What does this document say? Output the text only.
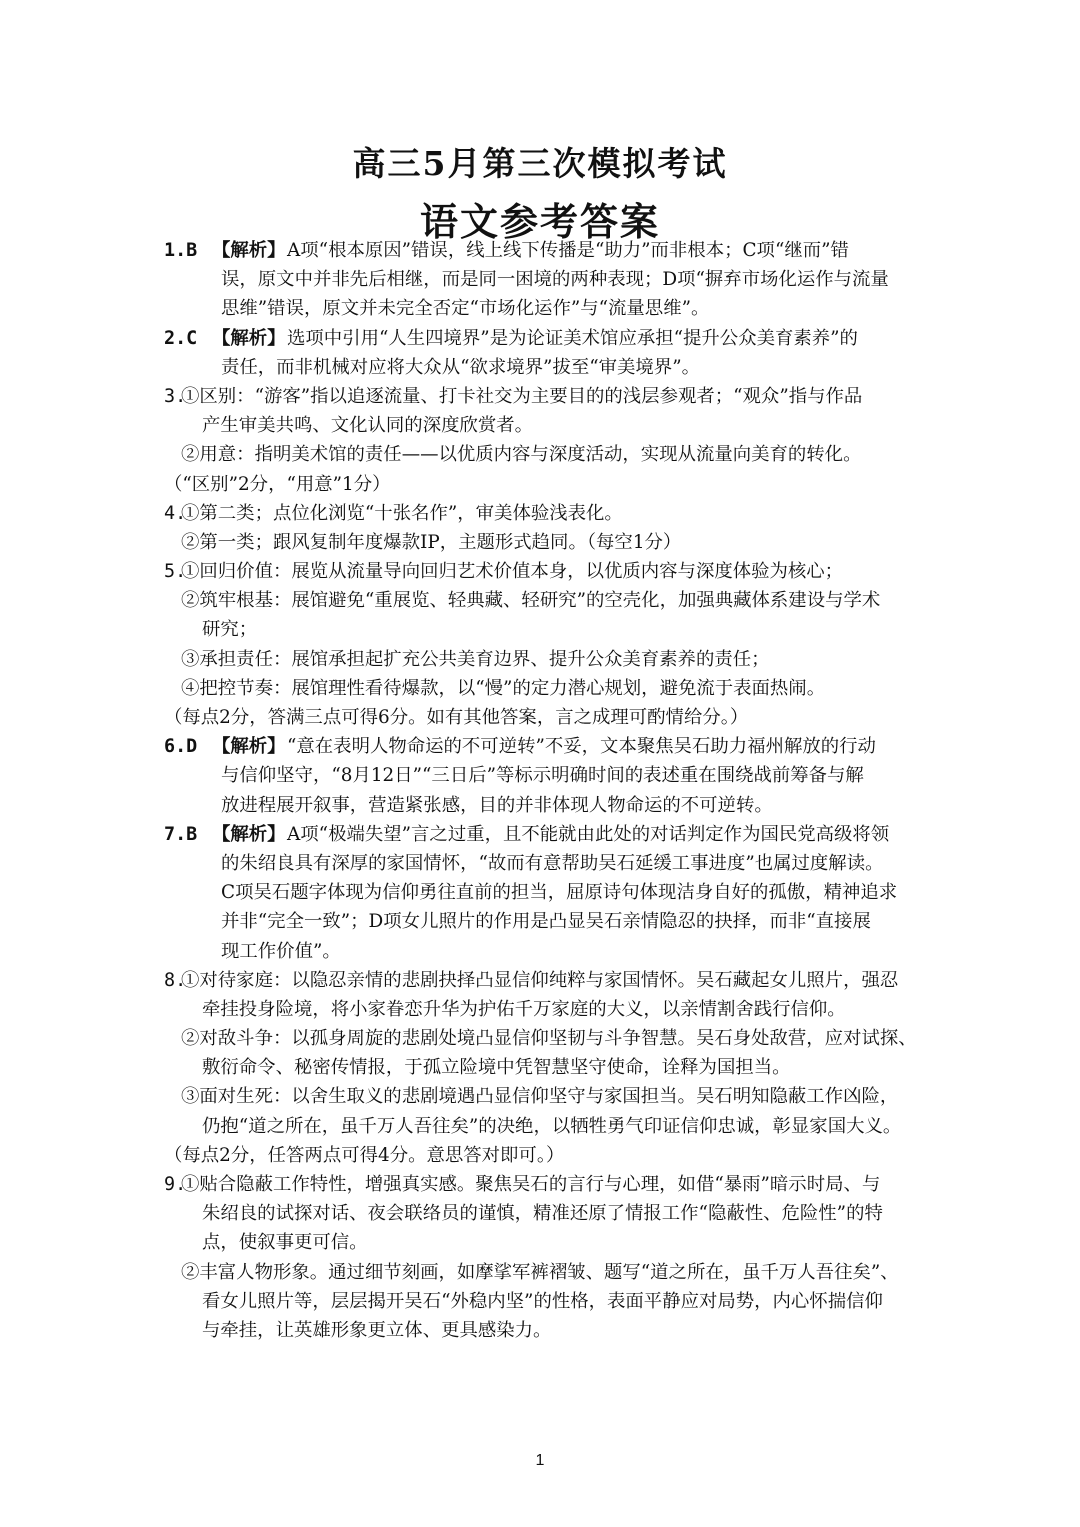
高三5月第三次模拟考试
语文参考答案
1.B 【解析】 A项“根本原因”错误，线上线下传播是“助力”而非根本；C项“继而”错
误，原文中并非先后相继，而是同一困境的两种表现；D项“摒弃市场化运作与流量
思维”错误，原文并未完全否定“市场化运作”与“流量思维”。
2.C 【解析】 选项中引用“人生四境界”是为论证美术馆应承担“提升公众美育素养”的
责任，而非机械对应将大众从“欲求境界”拔至“审美境界”。
3.
①区别：“游客”指以追逐流量、打卡社交为主要目的的浅层参观者；“观众”指与作品
产生审美共鸣、文化认同的深度欣赏者。
②用意：指明美术馆的责任——以优质内容与深度活动，实现从流量向美育的转化。
（“区别”2分，“用意”1分）
4.
①第二类；点位化浏览“十张名作”，审美体验浅表化。
②第一类；跟风复制年度爆款IP，主题形式趋同。（每空1分）
5.
①回归价值：展览从流量导向回归艺术价值本身，以优质内容与深度体验为核心；
②筑牢根基：展馆避免“重展览、轻典藏、轻研究”的空壳化，加强典藏体系建设与学术
研究；
③承担责任：展馆承担起扩充公共美育边界、提升公众美育素养的责任；
④把控节奏：展馆理性看待爆款，以“慢”的定力潜心规划，避免流于表面热闹。
（每点2分，答满三点可得6分。如有其他答案，言之成理可酌情给分。）
6.D 【解析】 “意在表明人物命运的不可逆转”不妥，文本聚焦吴石助力福州解放的行动
与信仰坚守，“8月12日”“三日后”等标示明确时间的表述重在围绕战前筹备与解
放进程展开叙事，营造紧张感，目的并非体现人物命运的不可逆转。
7.B 【解析】 A项“极端失望”言之过重，且不能就由此处的对话判定作为国民党高级将领
的朱绍良具有深厚的家国情怀，“故而有意帮助吴石延缓工事进度”也属过度解读。
C项吴石题字体现为信仰勇往直前的担当，屈原诗句体现洁身自好的孤傲，精神追求
并非“完全一致”；D项女儿照片的作用是凸显吴石亲情隐忍的抉择，而非“直接展
现工作价值”。
8.
①对待家庭：以隐忍亲情的悲剧抉择凸显信仰纯粹与家国情怀。吴石藏起女儿照片，强忍
牵挂投身险境，将小家眷恋升华为护佑千万家庭的大义，以亲情割舍践行信仰。
②对敌斗争：以孤身周旋的悲剧处境凸显信仰坚韧与斗争智慧。吴石身处敌营，应对试探、
敷衍命令、秘密传情报，于孤立险境中凭智慧坚守使命，诠释为国担当。
③面对生死：以舍生取义的悲剧境遇凸显信仰坚守与家国担当。吴石明知隐蔽工作凶险，
仍抱“道之所在，虽千万人吾往矣”的决绝，以牺牲勇气印证信仰忠诚，彰显家国大义。
（每点2分，任答两点可得4分。意思答对即可。）
9.
①贴合隐蔽工作特性，增强真实感。聚焦吴石的言行与心理，如借“暴雨”暗示时局、与
朱绍良的试探对话、夜会联络员的谨慎，精准还原了情报工作“隐蔽性、危险性”的特
点，使叙事更可信。
②丰富人物形象。通过细节刻画，如摩挲军裤褶皱、题写“道之所在，虽千万人吾往矣”、
看女儿照片等，层层揭开吴石“外稳内坚”的性格，表面平静应对局势，内心怀揣信仰
与牵挂，让英雄形象更立体、更具感染力。
1
